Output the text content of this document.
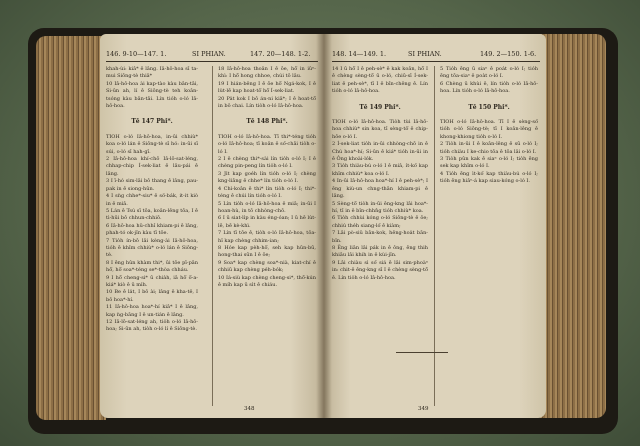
146. 9-10—147. 1.	SI PHIAN.	147. 20—148. 1-2.

khah-ùi: kiâ* ê lâng. Iâ-hô-hoa sī ta-mui Siōng-tè thiâ*

10 Iâ-hô-hoa ài kap-tào kàu bān-tāi, Si-ūn ah, lí ê Siōng-tè teh koân-tsóng kàu bān-tāi. Lín tio̍h o-ló Iâ-hô-hoa.

Tē 147 Phi*.

TIOH o-ló Iâ-hô-hoa, in-ūi chhiù* koa o-ló lán ê Siōng-tè sī hó: in-ūi sī súi, o-ló sī hah-gî.

2 Iâ-hô-hoa khí-chō Iâ-lō-sat-léng, chhap-chip Í-sek-liat ê lâu-pái ê lâng.

3 I ī-hó sim-lāi bô thang ê lâng, pau-pak in ê siong-hûn.

4 I sǹg chhe*-siu* ê sò͘-ba̍k, it-it kiò in ê miâ.

5 Lán ê Tsú sī tōa, koân-lêng tōa, I ê tì-hūi bô chhun-chhiō.

6 Iâ-hô-hoa hû-chhî khiam-pi ê lâng, phah-tó ok-jîn kàu tī tōe.

7 Tio̍h ín-bô lâi kèng-ài Iâ-hô-hoa, tio̍h ē khîm chhiù* o-ló lán ê Siōng-tè.

8 I ēng hûn khàm thi*, ūi tōe pī-pān hō͘, hō͘ soa*-téng se*-thòa chháu.

9 I hō͘ cheng-si* ū chia̍h, iā hō͘ ô͘-a-kiá* kiò ê ū mi̍h.

10 Be ê la̍t, I bô ài; lâng ê kha-tê, I bô hoa*-hí.

11 Iâ-hô-hoa hoa*-hí kiâ* I ê lâng, kap ǹg-bāng I ê un-tián ê lâng.

12 Iâ-lō-sat-léng ah, tio̍h o-ló Iâ-hô-hoa; Si-ūn ah, tio̍h o-ló lí ê Siōng-tè.

18 Iâ-hô-hoa thoân I ê ōe, hō͘ in iûⁿ-khì: I hō͘ hong chhoe, chúi tō lâu.

19 I hián-bêng I ê ōe hō͘ Ngá-kok, I ê lu̍t-lē kap hoat-tō͘ hō͘ Í-sek-liat.

20 Pa̍t kok I bô án-ni kiâ*; I ê hoat-tō͘ in bô chai. Lín tio̍h o-ló Iâ-hô-hoa.

Tē 148 Phi*.

TIOH o-ló Iâ-hô-hoa. Tī thi*-téng tio̍h o-ló Iâ-hô-hoa; tī koân ê só͘-chāi tio̍h o-ló I.

2 I ê chèng thi*-sài lín tio̍h o-ló I; I ê chèng pin-peng lín tio̍h o-ló I.

3 Ji̍t kap goe̍h lín tio̍h o-ló I; chèng kng-liāng ê chhe* lín tio̍h o-ló I.

4 Chì-koân ê thi* lín tio̍h o-ló I; thi*-téng ê chúi lín tio̍h o-ló I.

5 Lín tio̍h o-ló Iâ-hô-hoa ê miâ; in-ūi I hoan-hù, in tō chhòng-chō.

6 I ū siat-li̍p in kàu éng-óan; I ū hē lu̍t-lē, bē kè-khì.

7 Lín tī tōe ê, tio̍h o-ló Iâ-hô-hoa, tōa-hî kap chèng chhim-ian;

8 Hóe kap pe̍h-hō͘, seh kap hūn-bū, hong-thai sūn I ê ōe;

9 Soa* kap chèng soa*-nià, kiat-chí ê chhiū kap chèng pe̍h-bo̍k;

10 Iá-siù kap chèng cheng-si*, thô͘-kún ê mi̍h kap ū si̍t ê chiáu.

348
148. 14—149. 1.	SI PHIAN.	149. 2—150. 1-6.

14 I ū hō͘ I ê peh-sè* ê kak koân, hō͘ I ê chèng sèng-tô͘ ū o-ló, chiū-sī Í-sek-liat ê peh-sè*, tī I ê bīn-chêng ê. Lín tio̍h o-ló Iâ-hô-hoa.

Tē 149 Phi*.

TIOH o-ló Iâ-hô-hoa. Tio̍h tùi Iâ-hô-hoa chhiù* sin koa, tī sèng-tô͘ ê chip-hōe o-ló I.

2 Í-sek-liat tio̍h in-ūi chhòng-chō in ê Chú hoa*-hí; Si-ūn ê kiá* tio̍h in-ūi in ê Ông khoài-lo̍k.

3 Tio̍h thiàu-bú o-ló I ê miâ, i̍t-kó͘ kap khîm chhiù* koa o-ló I.

4 In-ūi Iâ-hô-hoa hoa*-hí I ê peh-sè*; I ēng kiù-un chng-thān khiam-pi ê lâng.

5 Sèng-tô͘ tio̍h in-ūi êng-kng lâi hoa*-hí, tī in ê bîn-chhn̂g tio̍h chhiù* koa.

6 Tio̍h chhùi kóng o-ló Siōng-tè ê ōe; chhiú the̍h siang-ló͘ ê kiàm;

7 Lâi pò-siû bān-kok, hêng-hoa̍t bān-bîn.

8 Ēng liān lâi pa̍k in ê ông, ēng thih khiāu lâi khih in ê kùi-jîn.

9 Lâi chiàu sì só͘ siá ê lâi sim-phoàⁿ in: chit-ê êng-kng sī I ê chèng sèng-tô͘ ê. Lín tio̍h o-ló Iâ-hô-hoa.

5 Tio̍h ēng ū siaⁿ ê poa̍t o-ló I; tio̍h ēng tōa-siaⁿ ê poa̍t o-ló I.

6 Chèng ū khùi ê, lín tio̍h o-ló Iâ-hô-hoa. Lín tio̍h o-ló Iâ-hô-hoa.

Tē 150 Phi*.

TIOH o-ló Iâ-hô-hoa. Tī I ê sèng-só͘ tio̍h o-ló Siōng-tè; tī I koân-lêng ê khong-khiong tio̍h o-ló I.

2 Tio̍h in-ūi I ê koân-lêng ê sū o-ló I; tio̍h chiàu I ke-chio tōa ê tōa lâi o-ló I.

3 Tio̍h pûn kak ê siaⁿ o-ló I; tio̍h ēng sek kap khîm o-ló I.

4 Tio̍h ēng i̍t-kó͘ kap thiàu-bú o-ló I; tio̍h ēng hiâⁿ-á kap siau-kóng o-ló I.

349
